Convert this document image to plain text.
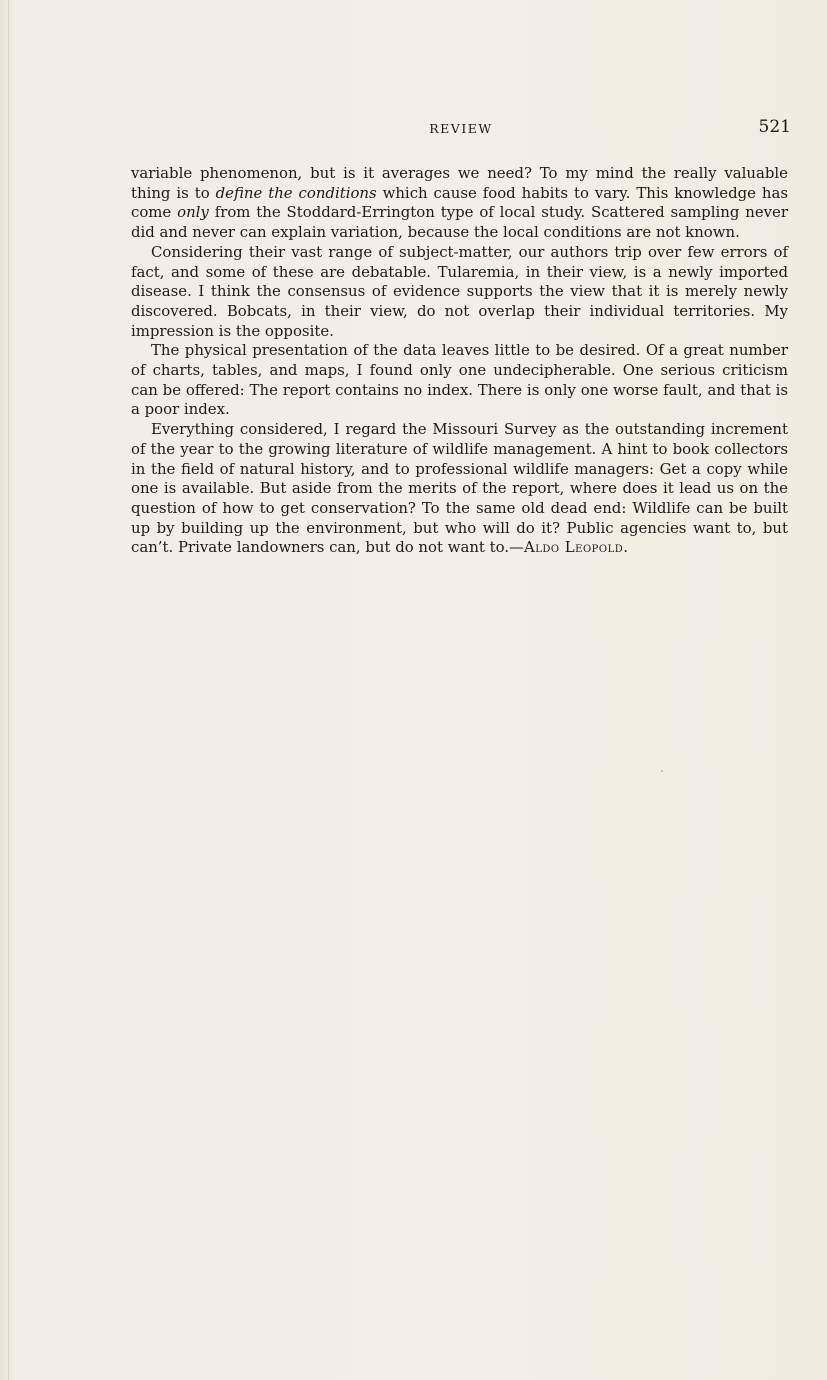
REVIEW	521

variable phenomenon, but is it averages we need? To my mind the really valuable thing is to define the conditions which cause food habits to vary. This knowledge has come only from the Stoddard-Errington type of local study. Scattered sampling never did and never can explain variation, because the local conditions are not known.

Considering their vast range of subject-matter, our authors trip over few errors of fact, and some of these are debatable. Tularemia, in their view, is a newly imported disease. I think the consensus of evidence supports the view that it is merely newly discovered. Bobcats, in their view, do not overlap their individual territories. My impression is the opposite.

The physical presentation of the data leaves little to be desired. Of a great number of charts, tables, and maps, I found only one undecipherable. One serious criticism can be offered: The report contains no index. There is only one worse fault, and that is a poor index.

Everything considered, I regard the Missouri Survey as the outstanding increment of the year to the growing literature of wildlife management. A hint to book collectors in the field of natural history, and to professional wildlife managers: Get a copy while one is available. But aside from the merits of the report, where does it lead us on the question of how to get conservation? To the same old dead end: Wildlife can be built up by building up the environment, but who will do it? Public agencies want to, but can’t. Private landowners can, but do not want to.—Aldo Leopold.
